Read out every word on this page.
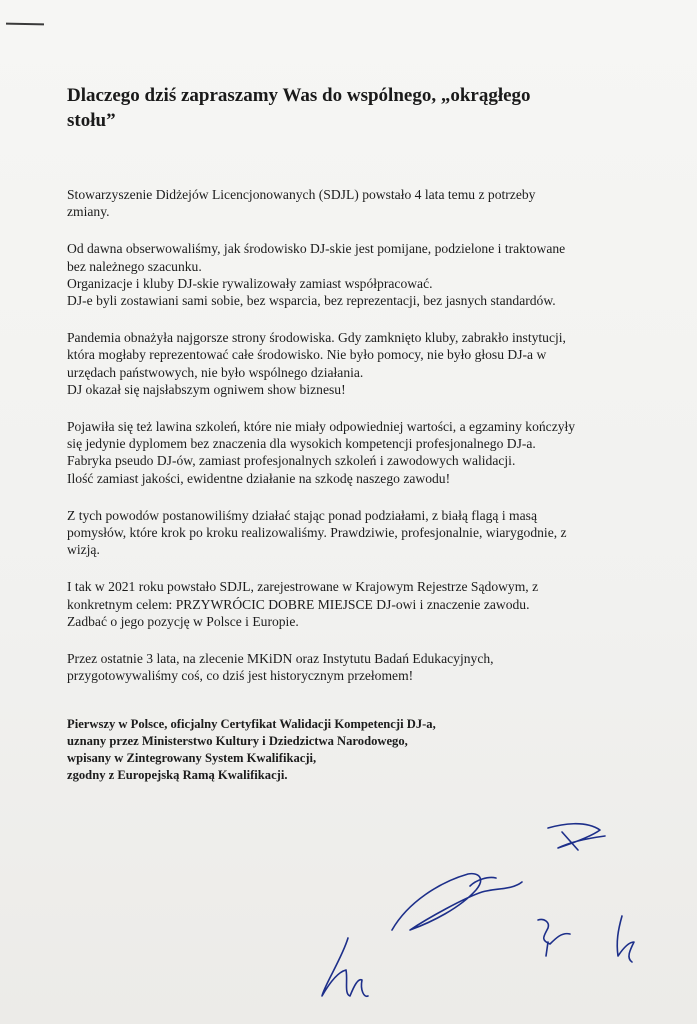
Dlaczego dziś zapraszamy Was do wspólnego, „okrągłego
stołu”

Stowarzyszenie Didżejów Licencjonowanych (SDJL) powstało 4 lata temu z potrzeby
zmiany.

Od dawna obserwowaliśmy, jak środowisko DJ-skie jest pomijane, podzielone i traktowane
bez należnego szacunku.
Organizacje i kluby DJ-skie rywalizowały zamiast współpracować.
DJ-e byli zostawiani sami sobie, bez wsparcia, bez reprezentacji, bez jasnych standardów.

Pandemia obnażyła najgorsze strony środowiska. Gdy zamknięto kluby, zabrakło instytucji,
która mogłaby reprezentować całe środowisko. Nie było pomocy, nie było głosu DJ-a w
urzędach państwowych, nie było wspólnego działania.
DJ okazał się najsłabszym ogniwem show biznesu!

Pojawiła się też lawina szkoleń, które nie miały odpowiedniej wartości, a egzaminy kończyły
się jedynie dyplomem bez znaczenia dla wysokich kompetencji profesjonalnego DJ-a.
Fabryka pseudo DJ-ów, zamiast profesjonalnych szkoleń i zawodowych walidacji.
Ilość zamiast jakości, ewidentne działanie na szkodę naszego zawodu!

Z tych powodów postanowiliśmy działać stając ponad podziałami, z białą flagą i masą
pomysłów, które krok po kroku realizowaliśmy. Prawdziwie, profesjonalnie, wiarygodnie, z
wizją.

I tak w 2021 roku powstało SDJL, zarejestrowane w Krajowym Rejestrze Sądowym, z
konkretnym celem: PRZYWRÓCIC DOBRE MIEJSCE DJ-owi i znaczenie zawodu.
Zadbać o jego pozycję w Polsce i Europie.

Przez ostatnie 3 lata, na zlecenie MKiDN oraz Instytutu Badań Edukacyjnych,
przygotowywaliśmy coś, co dziś jest historycznym przełomem!

Pierwszy w Polsce, oficjalny Certyfikat Walidacji Kompetencji DJ-a,
uznany przez Ministerstwo Kultury i Dziedzictwa Narodowego,
wpisany w Zintegrowany System Kwalifikacji,
zgodny z Europejską Ramą Kwalifikacji.
